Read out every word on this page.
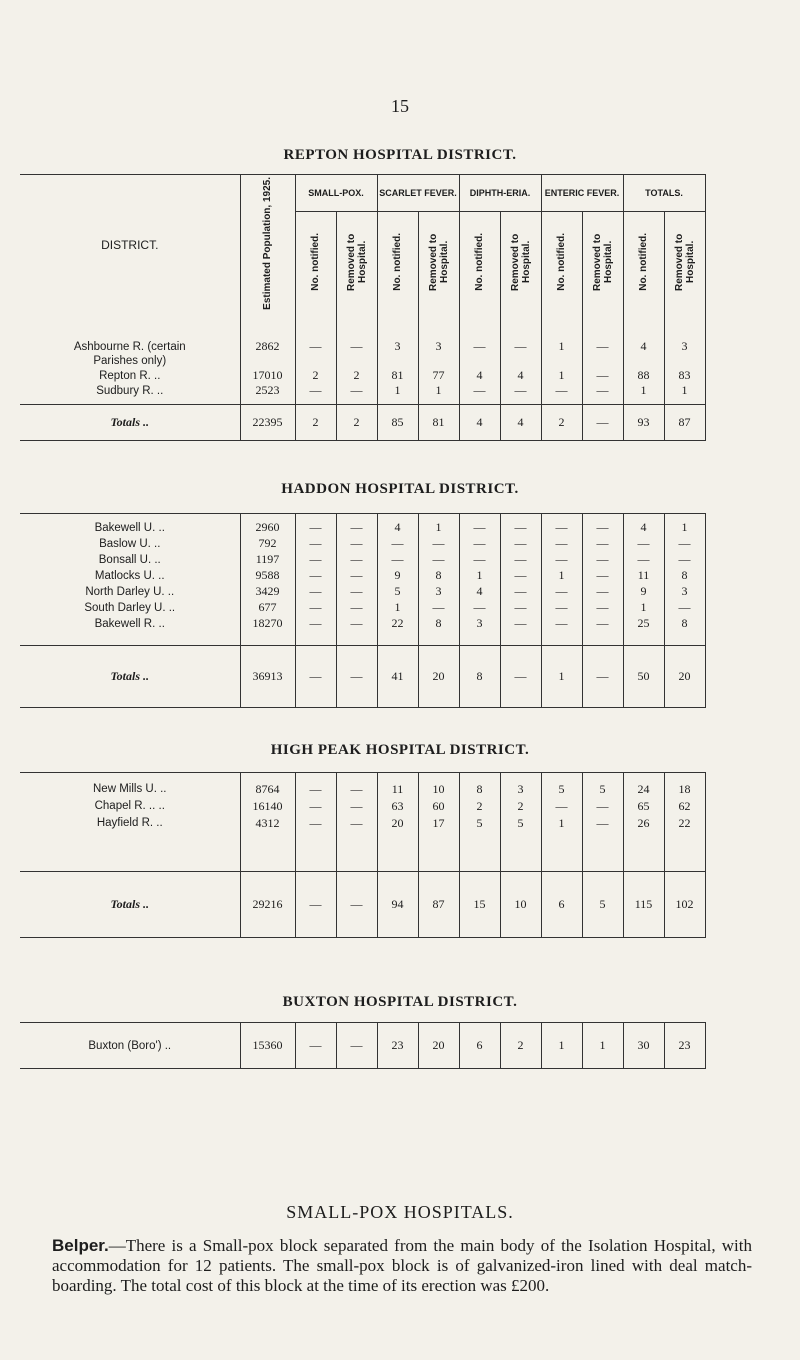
15
REPTON HOSPITAL DISTRICT.
DISTRICT.	Estimated Population, 1925.	SMALL-POX.		SCARLET FEVER.		DIPHTH-ERIA.		ENTERIC FEVER.		TOTALS.	
		No. notified.	Removed to Hospital.	No. notified.	Removed to Hospital.	No. notified.	Removed to Hospital.	No. notified.	Removed to Hospital.	No. notified.	Removed to Hospital.

Ashbourne R. (certain	2862	—	—	3	3	—	—	1	—	4	3
Parishes only)											
Repton R. ..	17010	2	2	81	77	4	4	1	—	88	83
Sudbury R. ..	2523	—	—	1	1	—	—	—	—	1	1

Totals ..	22395	2	2	85	81	4	4	2	—	93	87
HADDON HOSPITAL DISTRICT.

Bakewell U. ..	2960	—	—	4	1	—	—	—	—	4	1
Baslow U. ..	792	—	—	—	—	—	—	—	—	—	—
Bonsall U. ..	1197	—	—	—	—	—	—	—	—	—	—
Matlocks U. ..	9588	—	—	9	8	1	—	1	—	11	8
North Darley U. ..	3429	—	—	5	3	4	—	—	—	9	3
South Darley U. ..	677	—	—	1	—	—	—	—	—	1	—
Bakewell R. ..	18270	—	—	22	8	3	—	—	—	25	8

Totals ..	36913	—	—	41	20	8	—	1	—	50	20
HIGH PEAK HOSPITAL DISTRICT.

New Mills U. ..	8764	—	—	11	10	8	3	5	5	24	18
Chapel R. .. ..	16140	—	—	63	60	2	2	—	—	65	62
Hayfield R. ..	4312	—	—	20	17	5	5	1	—	26	22

Totals ..	29216	—	—	94	87	15	10	6	5	115	102
BUXTON HOSPITAL DISTRICT.
Buxton (Boro') ..	15360	—	—	23	20	6	2	1	1	30	23
SMALL-POX HOSPITALS.
Belper.—There is a Small-pox block separated from the main body of the Isolation Hospital, with accommodation for 12 patients. The small-pox block is of galvanized-iron lined with deal match-boarding. The total cost of this block at the time of its erection was £200.
